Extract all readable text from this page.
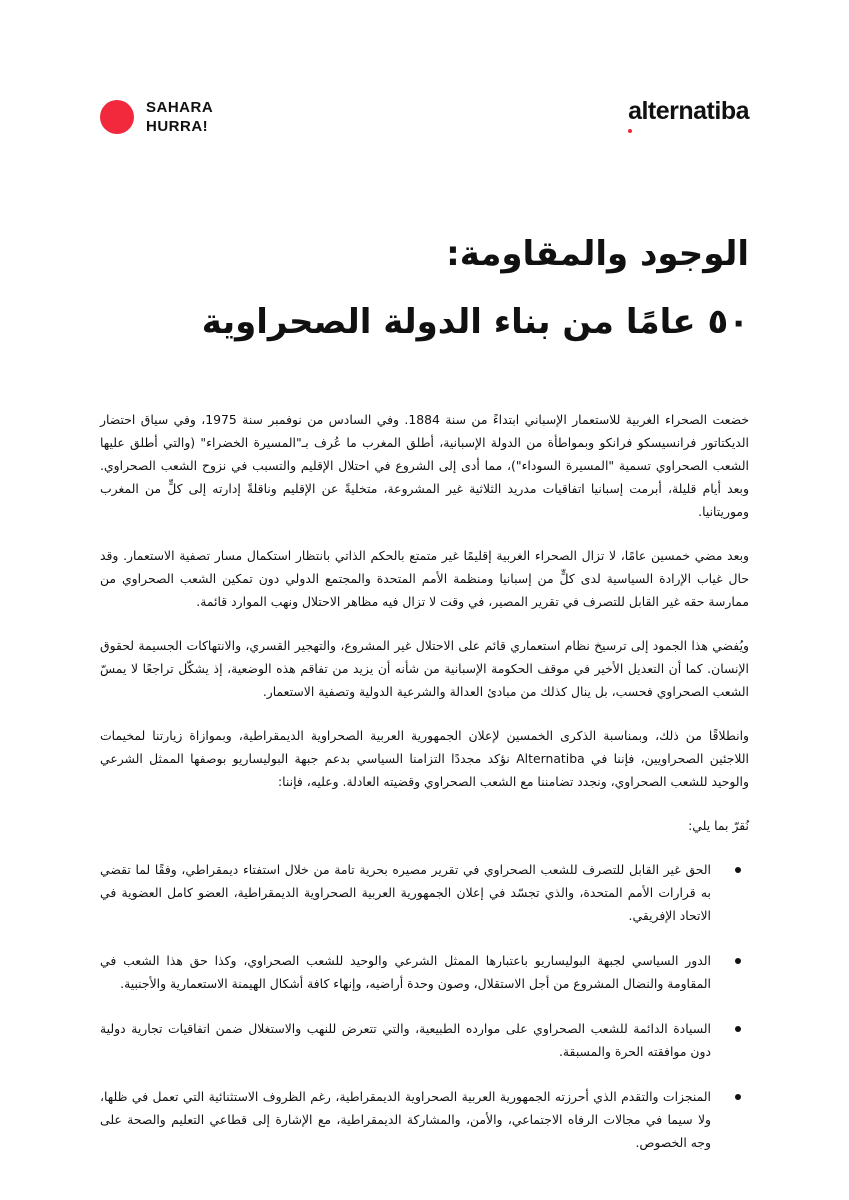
SAHARA
HURRA!
alternatiba
الوجود والمقاومة:
٥٠ عامًا من بناء الدولة الصحراوية

خضعت الصحراء الغربية للاستعمار الإسباني ابتداءً من سنة 1884. وفي السادس من نوفمبر سنة 1975، وفي سياق احتضار الديكتاتور فرانسيسكو فرانكو وبمواطأة من الدولة الإسبانية، أطلق المغرب ما عُرف بـ"المسيرة الخضراء" (والتي أطلق عليها الشعب الصحراوي تسمية "المسيرة السوداء")، مما أدى إلى الشروع في احتلال الإقليم والتسبب في نزوح الشعب الصحراوي. وبعد أيام قليلة، أبرمت إسبانيا اتفاقيات مدريد الثلاثية غير المشروعة، متخليةً عن الإقليم وناقلةً إدارته إلى كلٍّ من المغرب وموريتانيا.

وبعد مضي خمسين عامًا، لا تزال الصحراء الغربية إقليمًا غير متمتع بالحكم الذاتي بانتظار استكمال مسار تصفية الاستعمار. وقد حال غياب الإرادة السياسية لدى كلٍّ من إسبانيا ومنظمة الأمم المتحدة والمجتمع الدولي دون تمكين الشعب الصحراوي من ممارسة حقه غير القابل للتصرف في تقرير المصير، في وقت لا تزال فيه مظاهر الاحتلال ونهب الموارد قائمة.

ويُفضي هذا الجمود إلى ترسيخ نظام استعماري قائم على الاحتلال غير المشروع، والتهجير القسري، والانتهاكات الجسيمة لحقوق الإنسان. كما أن التعديل الأخير في موقف الحكومة الإسبانية من شأنه أن يزيد من تفاقم هذه الوضعية، إذ يشكّل تراجعًا لا يمسّ الشعب الصحراوي فحسب، بل ينال كذلك من مبادئ العدالة والشرعية الدولية وتصفية الاستعمار.

وانطلاقًا من ذلك، وبمناسبة الذكرى الخمسين لإعلان الجمهورية العربية الصحراوية الديمقراطية، وبموازاة زيارتنا لمخيمات اللاجئين الصحراويين، فإننا في Alternatiba نؤكد مجددًا التزامنا السياسي بدعم جبهة البوليساريو بوصفها الممثل الشرعي والوحيد للشعب الصحراوي، ونجدد تضامننا مع الشعب الصحراوي وقضيته العادلة. وعليه، فإننا:

نُقرّ بما يلي:

الحق غير القابل للتصرف للشعب الصحراوي في تقرير مصيره بحرية تامة من خلال استفتاء ديمقراطي، وفقًا لما تقضي به قرارات الأمم المتحدة، والذي تجسّد في إعلان الجمهورية العربية الصحراوية الديمقراطية، العضو كامل العضوية في الاتحاد الإفريقي.
الدور السياسي لجبهة البوليساريو باعتبارها الممثل الشرعي والوحيد للشعب الصحراوي، وكذا حق هذا الشعب في المقاومة والنضال المشروع من أجل الاستقلال، وصون وحدة أراضيه، وإنهاء كافة أشكال الهيمنة الاستعمارية والأجنبية.
السيادة الدائمة للشعب الصحراوي على موارده الطبيعية، والتي تتعرض للنهب والاستغلال ضمن اتفاقيات تجارية دولية دون موافقته الحرة والمسبقة.
المنجزات والتقدم الذي أحرزته الجمهورية العربية الصحراوية الديمقراطية، رغم الظروف الاستثنائية التي تعمل في ظلها، ولا سيما في مجالات الرفاه الاجتماعي، والأمن، والمشاركة الديمقراطية، مع الإشارة إلى قطاعي التعليم والصحة على وجه الخصوص.
